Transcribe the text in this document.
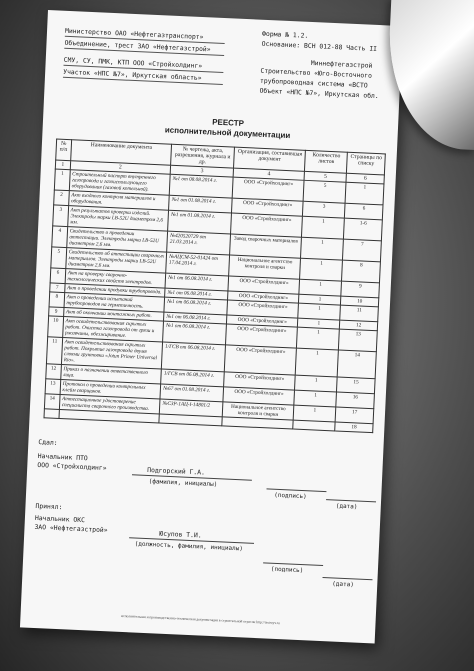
Министерство ОАО «Нефтегазтранспорт»
Объединение, трест ЗАО «Нефтегазстрой»
СМУ, СУ, ПМК, КТП ООО «Стройхолдинг»
Участок «НПС №7», Иркутская область»
Форма № 1.2.
Основание: ВСН 012-88 Часть II
Миннефтегазстрой
Строительство «Юго-Восточного
трубопроводная система «ВСТО
Объект «НПС №7», Иркутская обл.
РЕЕСТР
исполнительной документации
№ п/п	Наименование документа	№ чертежа, акта, разрешения, журнала и др.	Организация, составившая документ	Количество листов	Страницы по списку
1	2	3	4	5	6
1	Строительный паспорт внутреннего газопровода и газоиспользующего оборудования (газовой котельной).	№1 от 08.08.2014 г.	ООО «Стройхолдинг»	5	1
2	Акт входного контроля материалов и оборудования.	№1 от 01.08.2014 г.	ООО «Стройхолдинг»	3	6
3	Акт результатов проверки изделий. Электроды марки LB-52U диаметром 2,6 мм.	№1 от 01.08.2014 г.	ООО «Стройхолдинг»	1	1-6
4	Свидетельство о проведении аттестации. Электроды марки LB-52U диаметром 2,6 мм.	№420520729 от 21.03.2014 г.	Завод сварочных материалов	1	7
5	Свидетельство об аттестации сварочных материалов. Электроды марки LB-52U диаметром 2,6 мм.	№АЦСМ-52-01424 от 17.04.2014 г.	Национальное агентство контроля и сварки	1	8
6	Акт на проверку сварочно-технологических свойств электродов.	№1 от 06.08.2014 г.	ООО «Стройхолдинг»	1	9
7	Акт о проведении продувки трубопровода.	№1 от 06.08.2014 г.	ООО «Стройхолдинг»	1	10
8	Акт о проведении испытаний трубопроводов на герметичность.	№1 от 06.08.2014 г.	ООО «Стройхолдинг»	1	11
9	Акт об окончании монтажных работ.	№1 от 06.08.2014 г.	ООО «Стройхолдинг»	1	12
10	Акт освидетельствования скрытых работ. Очистка газопровода от грязи и ржавчины, обезжиривание.	№1 от 06.08.2014 г.	ООО «Стройхолдинг»	1	13
11	Акт освидетельствования скрытых работ. Покрытие газопровода двумя слоями грунтовки «Jotun Primer Universal Rio».	1/ГСВ от 06.08.2014 г.	ООО «Стройхолдинг»	1	14
12	Приказ о назначении ответственного лица.	1/ГСВ от 06.08.2014 г.	ООО «Стройхолдинг»	1	15
13	Протокол о проведении контрольных клейм сварщиков.	№67 от 01.08.2014 г.	ООО «Стройхолдинг»	1	16
14	Аттестационное удостоверение специалиста сварочного производства.	№СЗР-1АЦ-I-14801/2	Национальное агентство контроля и сварки	1	17
					18
Сдал:
Начальник ПТО
ООО «Стройхолдинг»	Подгорский Г.А.
(фамилия, инициалы)
(подпись)
(дата)
Принял:
Начальник ОКС
ЗАО «Нефтегазстрой»
Юсупов Т.И.
(должность, фамилия, инициалы)
(подпись)
(дата)
исполнительная и производственно-техническая документация в строительной отрасли http://isstroyv.ru
